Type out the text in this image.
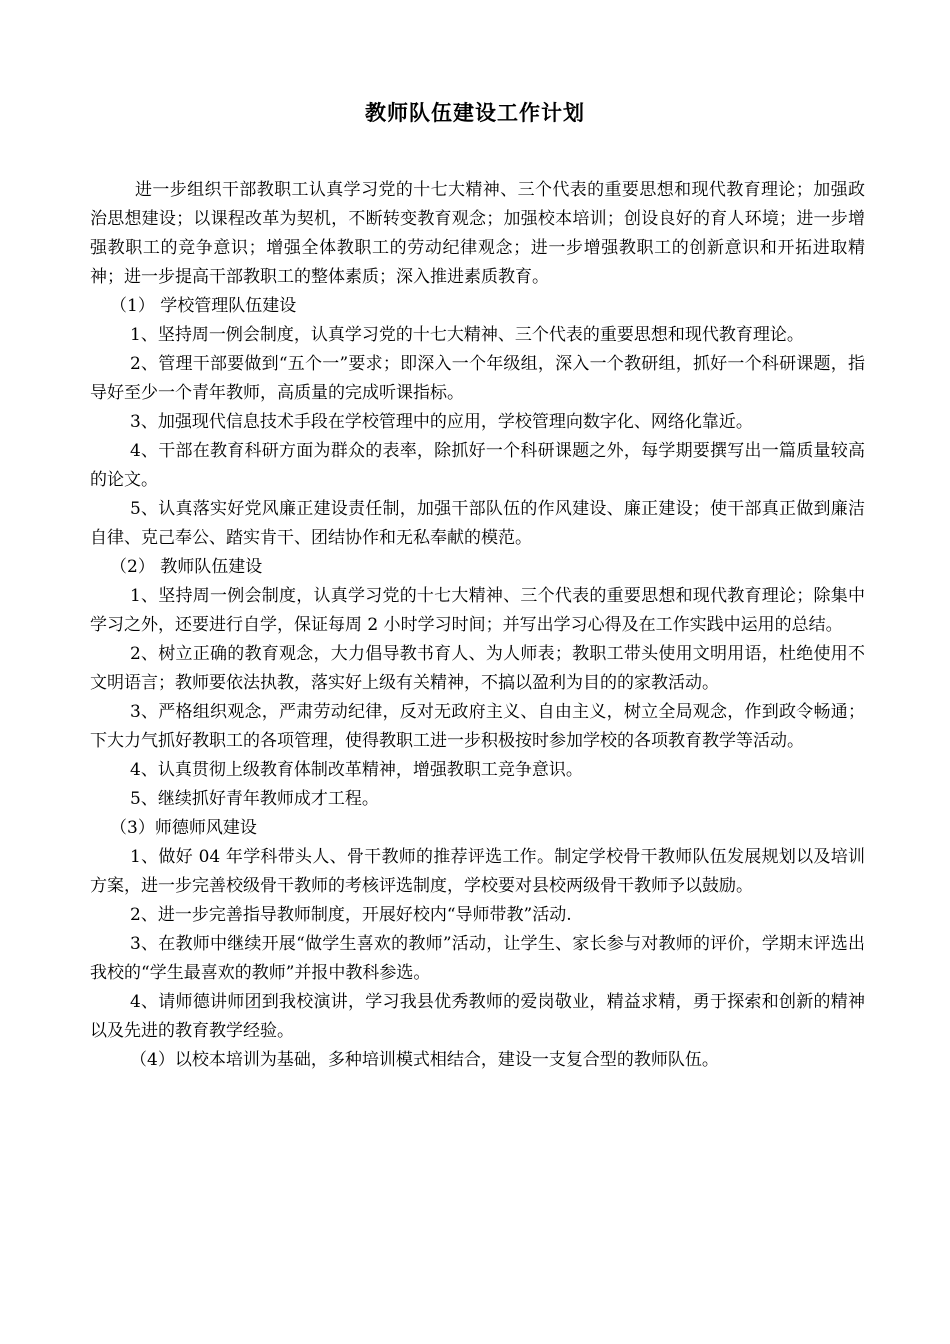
教师队伍建设工作计划

进一步组织干部教职工认真学习党的十七大精神、三个代表的重要思想和现代教育理论；加强政治思想建设；以课程改革为契机，不断转变教育观念；加强校本培训；创设良好的育人环境；进一步增强教职工的竞争意识；增强全体教职工的劳动纪律观念；进一步增强教职工的创新意识和开拓进取精神；进一步提高干部教职工的整体素质；深入推进素质教育。

（1） 学校管理队伍建设

1、坚持周一例会制度，认真学习党的十七大精神、三个代表的重要思想和现代教育理论。

2、管理干部要做到“五个一”要求；即深入一个年级组，深入一个教研组，抓好一个科研课题，指导好至少一个青年教师，高质量的完成听课指标。

3、加强现代信息技术手段在学校管理中的应用，学校管理向数字化、网络化靠近。

4、干部在教育科研方面为群众的表率，除抓好一个科研课题之外，每学期要撰写出一篇质量较高的论文。

5、认真落实好党风廉正建设责任制，加强干部队伍的作风建设、廉正建设；使干部真正做到廉洁自律、克己奉公、踏实肯干、团结协作和无私奉献的模范。

（2） 教师队伍建设

1、坚持周一例会制度，认真学习党的十七大精神、三个代表的重要思想和现代教育理论；除集中学习之外，还要进行自学，保证每周 2 小时学习时间；并写出学习心得及在工作实践中运用的总结。

2、树立正确的教育观念，大力倡导教书育人、为人师表；教职工带头使用文明用语，杜绝使用不文明语言；教师要依法执教，落实好上级有关精神，不搞以盈利为目的的家教活动。

3、严格组织观念，严肃劳动纪律，反对无政府主义、自由主义，树立全局观念，作到政令畅通；下大力气抓好教职工的各项管理，使得教职工进一步积极按时参加学校的各项教育教学等活动。

4、认真贯彻上级教育体制改革精神，增强教职工竞争意识。

5、继续抓好青年教师成才工程。

（3）师德师风建设

1、做好 04 年学科带头人、骨干教师的推荐评选工作。制定学校骨干教师队伍发展规划以及培训方案，进一步完善校级骨干教师的考核评选制度，学校要对县校两级骨干教师予以鼓励。

2、进一步完善指导教师制度，开展好校内“导师带教”活动.

3、在教师中继续开展“做学生喜欢的教师”活动，让学生、家长参与对教师的评价，学期末评选出我校的“学生最喜欢的教师”并报中教科参选。

4、请师德讲师团到我校演讲，学习我县优秀教师的爱岗敬业，精益求精，勇于探索和创新的精神以及先进的教育教学经验。

（4）以校本培训为基础，多种培训模式相结合，建设一支复合型的教师队伍。
